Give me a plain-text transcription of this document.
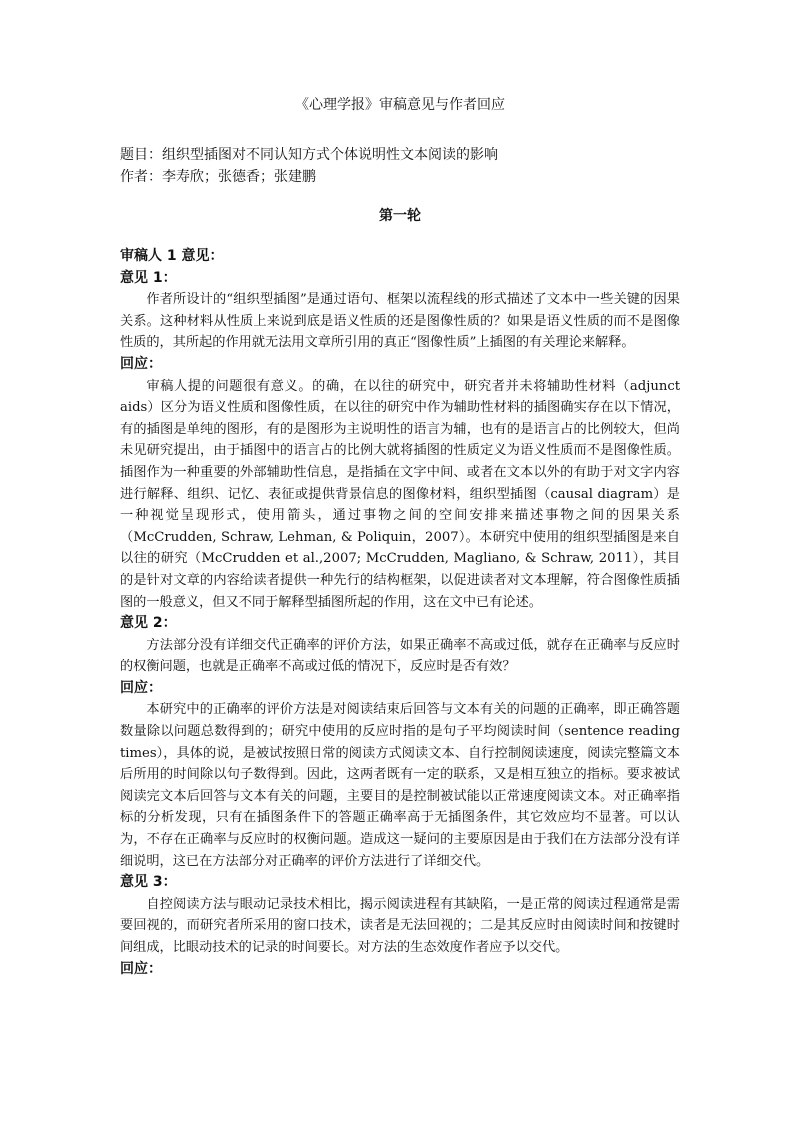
《心理学报》审稿意见与作者回应
题目：组织型插图对不同认知方式个体说明性文本阅读的影响
作者：李寿欣；张德香；张建鹏
第一轮

审稿人 1 意见：

意见 1：

作者所设计的“组织型插图”是通过语句、框架以流程线的形式描述了文本中一些关键的因果关系。这种材料从性质上来说到底是语义性质的还是图像性质的？如果是语义性质的而不是图像性质的，其所起的作用就无法用文章所引用的真正“图像性质”上插图的有关理论来解释。

回应：

审稿人提的问题很有意义。的确，在以往的研究中，研究者并未将辅助性材料（adjunct aids）区分为语义性质和图像性质，在以往的研究中作为辅助性材料的插图确实存在以下情况，有的插图是单纯的图形，有的是图形为主说明性的语言为辅，也有的是语言占的比例较大，但尚未见研究提出，由于插图中的语言占的比例大就将插图的性质定义为语义性质而不是图像性质。插图作为一种重要的外部辅助性信息，是指插在文字中间、或者在文本以外的有助于对文字内容进行解释、组织、记忆、表征或提供背景信息的图像材料，组织型插图（causal diagram）是一种视觉呈现形式，使用箭头，通过事物之间的空间安排来描述事物之间的因果关系（McCrudden, Schraw, Lehman, & Poliquin，2007）。本研究中使用的组织型插图是来自以往的研究（McCrudden et al.,2007; McCrudden, Magliano, & Schraw, 2011），其目的是针对文章的内容给读者提供一种先行的结构框架，以促进读者对文本理解，符合图像性质插图的一般意义，但又不同于解释型插图所起的作用，这在文中已有论述。

意见 2：

方法部分没有详细交代正确率的评价方法，如果正确率不高或过低，就存在正确率与反应时的权衡问题，也就是正确率不高或过低的情况下，反应时是否有效？

回应：

本研究中的正确率的评价方法是对阅读结束后回答与文本有关的问题的正确率，即正确答题数量除以问题总数得到的；研究中使用的反应时指的是句子平均阅读时间（sentence reading times），具体的说，是被试按照日常的阅读方式阅读文本、自行控制阅读速度，阅读完整篇文本后所用的时间除以句子数得到。因此，这两者既有一定的联系，又是相互独立的指标。要求被试阅读完文本后回答与文本有关的问题，主要目的是控制被试能以正常速度阅读文本。对正确率指标的分析发现，只有在插图条件下的答题正确率高于无插图条件，其它效应均不显著。可以认为，不存在正确率与反应时的权衡问题。造成这一疑问的主要原因是由于我们在方法部分没有详细说明，这已在方法部分对正确率的评价方法进行了详细交代。

意见 3：

自控阅读方法与眼动记录技术相比，揭示阅读进程有其缺陷，一是正常的阅读过程通常是需要回视的，而研究者所采用的窗口技术，读者是无法回视的；二是其反应时由阅读时间和按键时间组成，比眼动技术的记录的时间要长。对方法的生态效度作者应予以交代。

回应：
